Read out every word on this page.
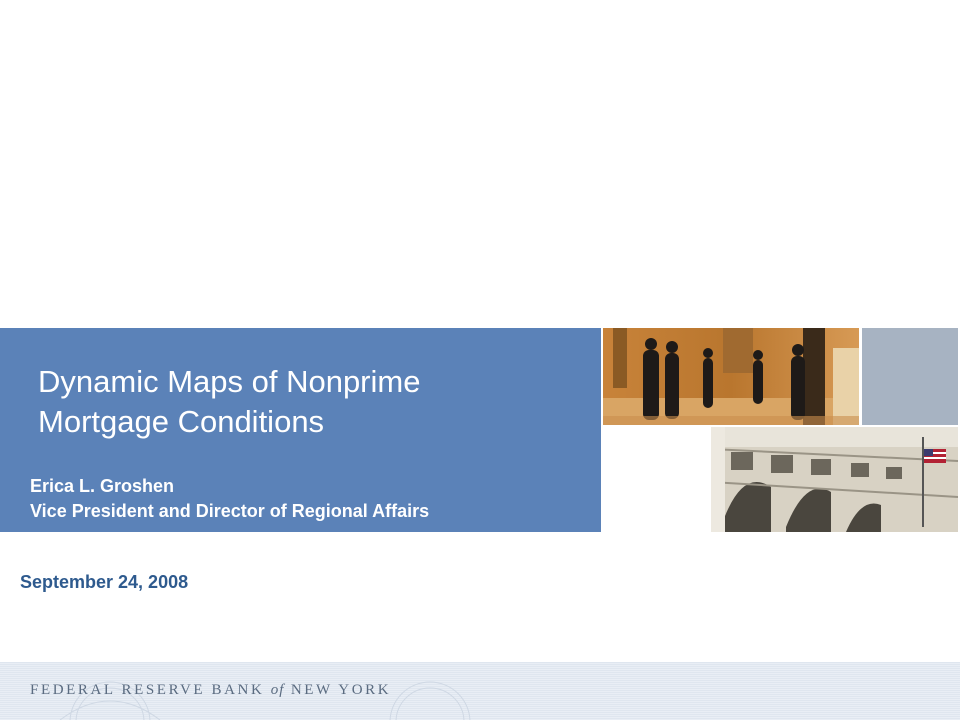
Dynamic Maps of Nonprime
Mortgage Conditions
Erica L. Groshen
Vice President and Director of Regional Affairs
September 24, 2008
FEDERAL RESERVE BANK of NEW YORK
